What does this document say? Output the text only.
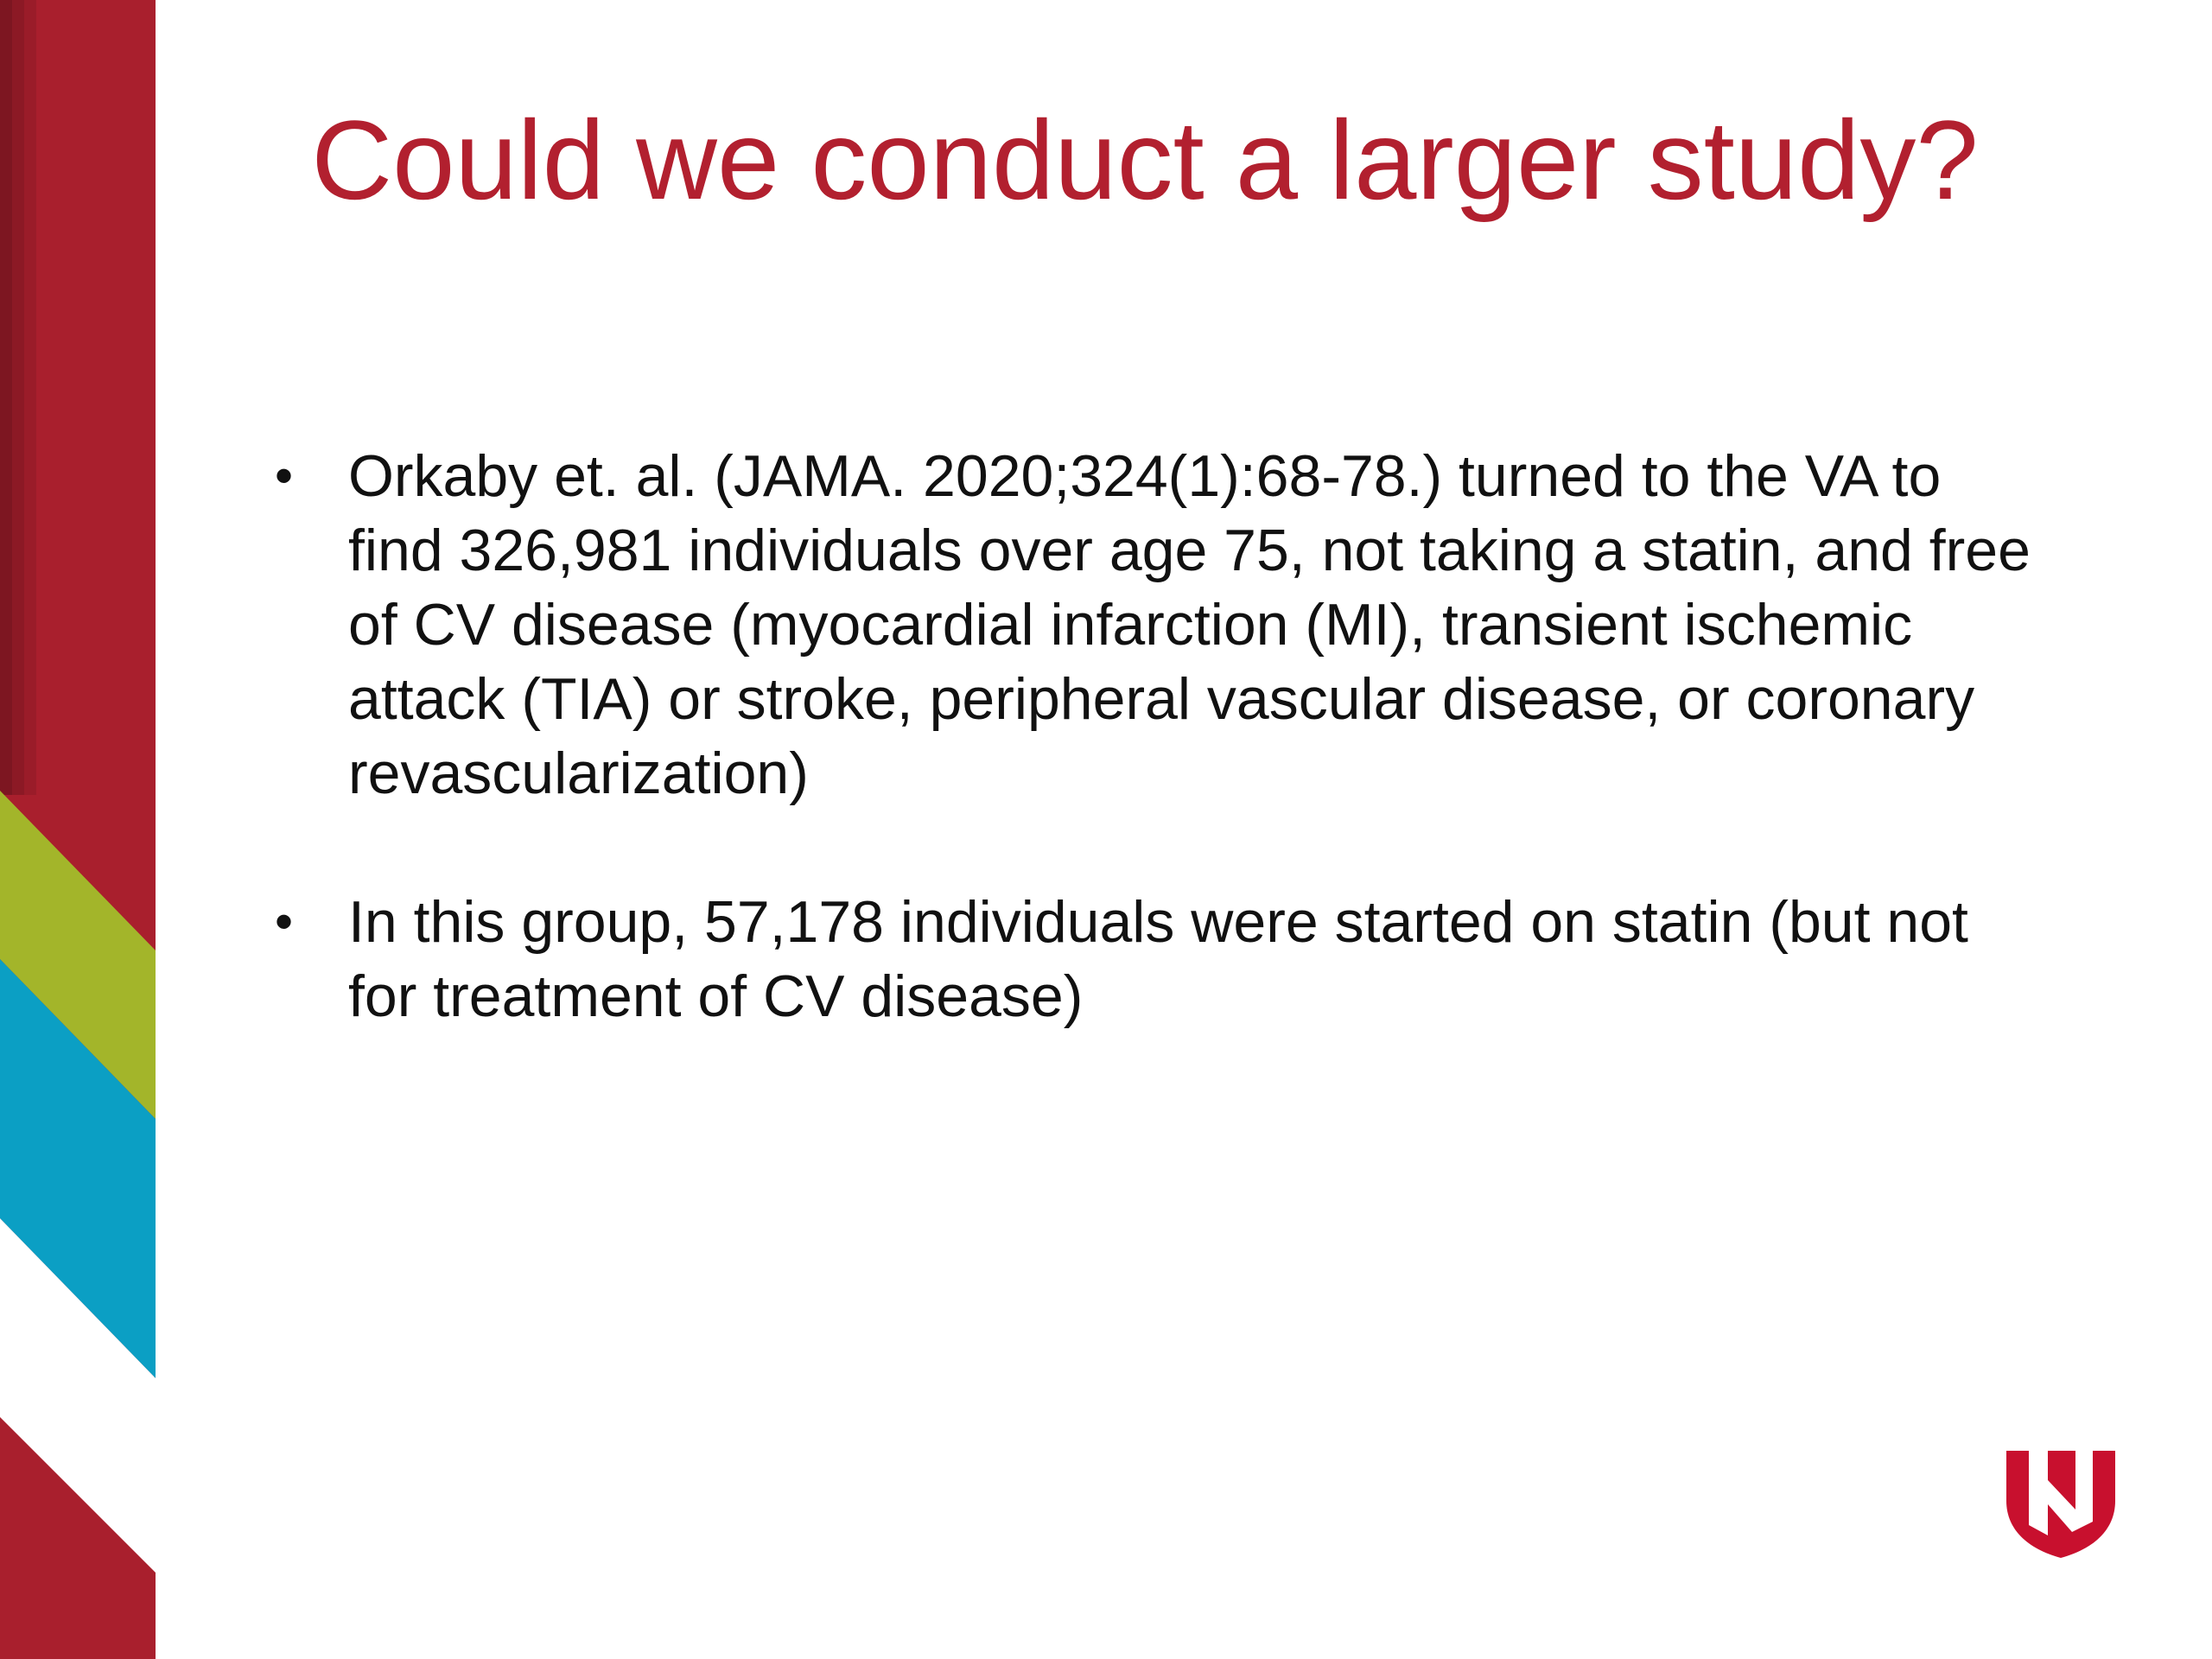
Could we conduct a larger study?
• Orkaby et. al. (JAMA. 2020;324(1):68-78.) turned to the VA to find 326,981 individuals over age 75, not taking a statin, and free of CV disease (myocardial infarction (MI), transient ischemic attack (TIA) or stroke, peripheral vascular disease, or coronary revascularization)
• In this group, 57,178 individuals were started on statin (but not for treatment of CV disease)
